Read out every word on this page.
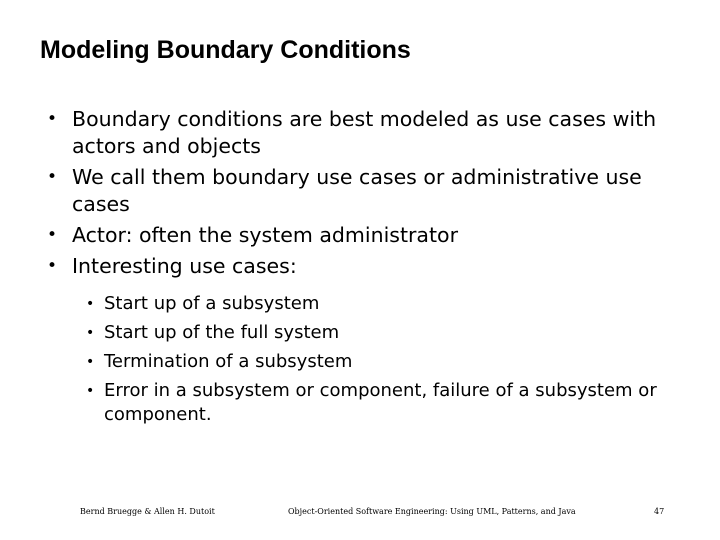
Modeling Boundary Conditions
• Boundary conditions are best modeled as use cases with actors and objects
• We call them boundary use cases or administrative use cases
• Actor: often the system administrator
• Interesting use cases:
• Start up of a subsystem
• Start up of the full system
• Termination of a subsystem
• Error in a subsystem or component, failure of a subsystem or component.
Bernd Bruegge & Allen H. Dutoit	Object-Oriented Software Engineering: Using UML, Patterns, and Java	47
